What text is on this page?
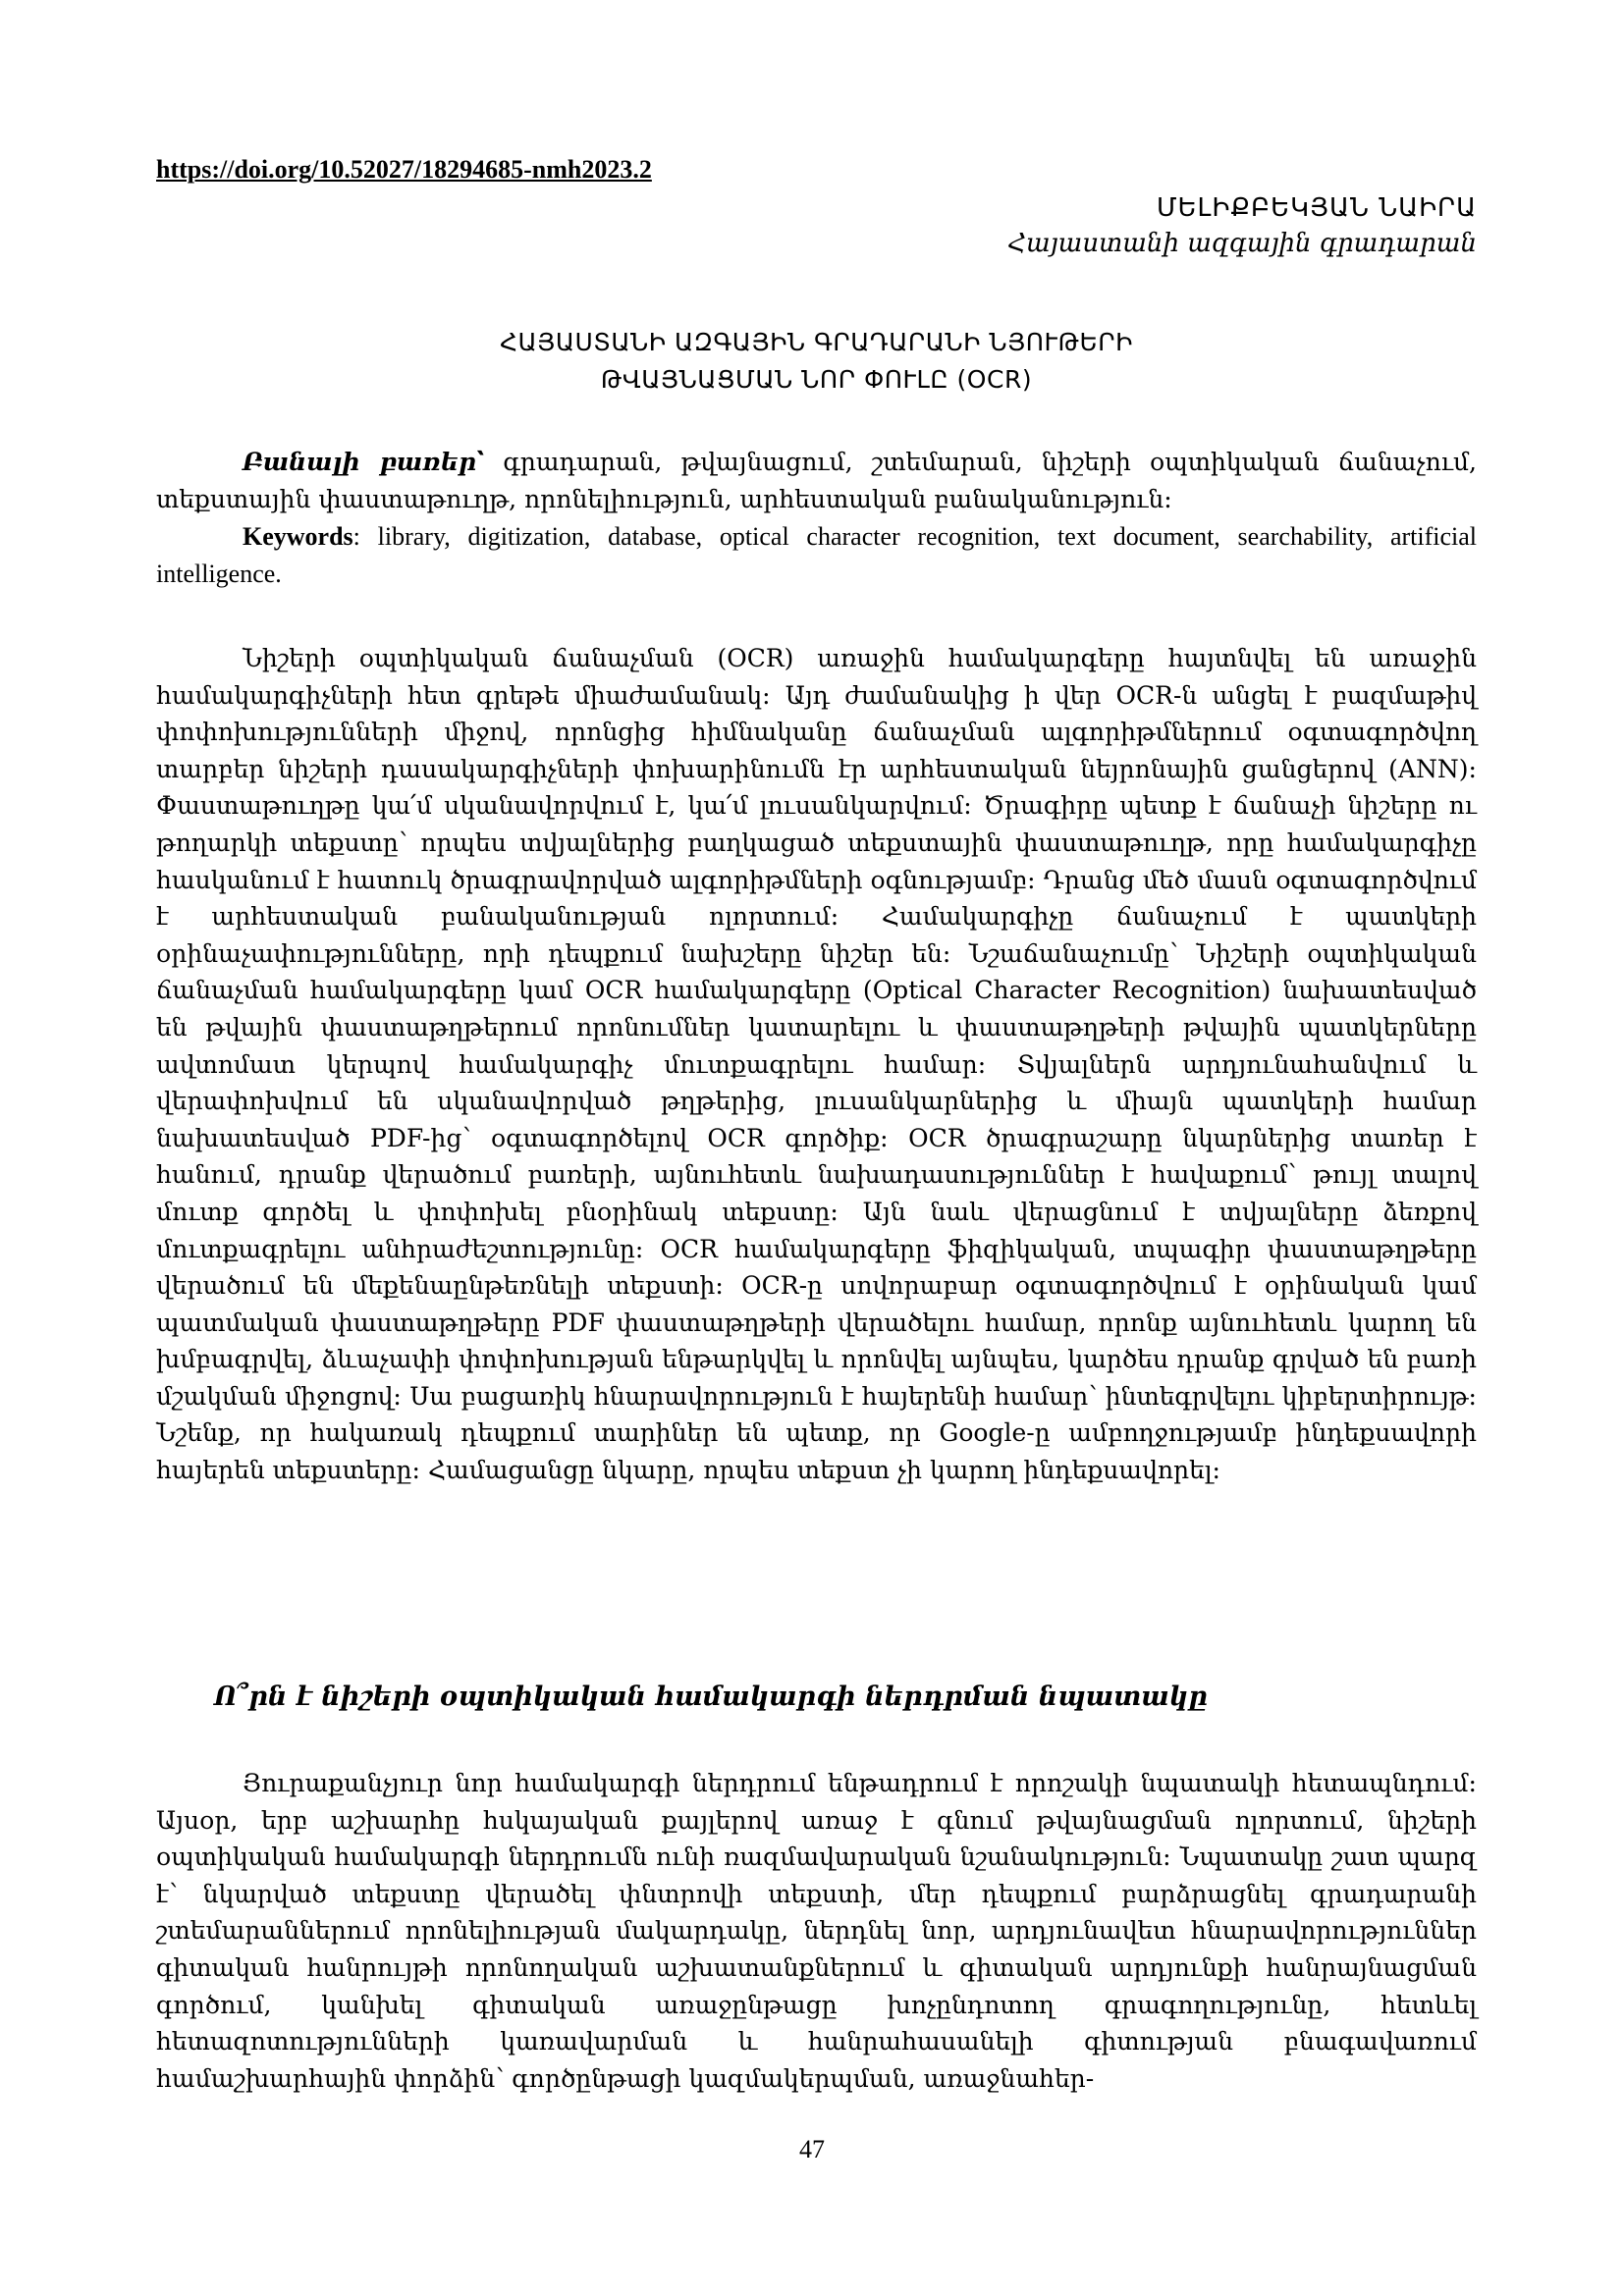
https://doi.org/10.52027/18294685-nmh2023.2
ՄԵԼԻՔԲԵԿՅԱՆ ՆԱԻՐԱ
Հայաստանի ազգային գրադարան
ՀԱՅԱՍՏԱՆԻ ԱԶԳԱՅԻՆ ԳՐԱԴԱՐԱՆԻ ՆՅՈՒԹԵՐԻ
ԹՎԱՅՆԱՑՄԱՆ ՆՈՐ ՓՈՒԼԸ (OCR)
Բանալի բառեր՝ գրադարան, թվայնացում, շտեմարան, նիշերի օպտիկական ճանաչում, տեքստային փաստաթուղթ, որոնելիություն, արհեստական բանականություն։
Keywords: library, digitization, database, optical character recognition, text document, searchability, artificial intelligence.
Նիշերի օպտիկական ճանաչման (OCR) առաջին համակարգերը հայտնվել են առաջին համակարգիչների հետ գրեթե միաժամանակ։ Այդ ժամանակից ի վեր OCR-ն անցել է բազմաթիվ փոփոխությունների միջով, որոնցից հիմնականը ճանաչման ալգորիթմներում օգտագործվող տարբեր նիշերի դասակարգիչների փոխարինումն էր արհեստական նեյրոնային ցանցերով (ANN)։ Փաստաթուղթը կա՛մ սկանավորվում է, կա՛մ լուսանկարվում։ Ծրագիրը պետք է ճանաչի նիշերը ու թողարկի տեքստը՝ որպես տվյալներից բաղկացած տեքստային փաստաթուղթ, որը համակարգիչը հասկանում է հատուկ ծրագրավորված ալգորիթմների օգնությամբ։ Դրանց մեծ մասն օգտագործվում է արհեստական բանականության ոլորտում։ Համակարգիչը ճանաչում է պատկերի օրինաչափությունները, որի դեպքում նախշերը նիշեր են։ Նշաճանաչումը՝ Նիշերի օպտիկական ճանաչման համակարգերը կամ OCR համակարգերը (Optical Character Recognition) նախատեսված են թվային փաստաթղթերում որոնումներ կատարելու և փաստաթղթերի թվային պատկերները ավտոմատ կերպով համակարգիչ մուտքագրելու համար։ Տվյալներն արդյունահանվում և վերափոխվում են սկանավորված թղթերից, լուսանկարներից և միայն պատկերի համար նախատեսված PDF-ից՝ օգտագործելով OCR գործիք։ OCR ծրագրաշարը նկարներից տառեր է հանում, դրանք վերածում բառերի, այնուհետև նախադասություններ է հավաքում՝ թույլ տալով մուտք գործել և փոփոխել բնօրինակ տեքստը։ Այն նաև վերացնում է տվյալները ձեռքով մուտքագրելու անհրաժեշտությունը։ OCR համակարգերը ֆիզիկական, տպագիր փաստաթղթերը վերածում են մեքենաընթեռնելի տեքստի։ OCR-ը սովորաբար օգտագործվում է օրինական կամ պատմական փաստաթղթերը PDF փաստաթղթերի վերածելու համար, որոնք այնուհետև կարող են խմբագրվել, ձևաչափի փոփոխության ենթարկվել և որոնվել այնպես, կարծես դրանք գրված են բառի մշակման միջոցով։ Սա բացառիկ հնարավորություն է հայերենի համար՝ ինտեգրվելու կիբերտիրույթ։ Նշենք, որ հակառակ դեպքում տարիներ են պետք, որ Google-ը ամբողջությամբ ինդեքսավորի հայերեն տեքստերը։ Համացանցը նկարը, որպես տեքստ չի կարող ինդեքսավորել։
Ո՞րն է նիշերի օպտիկական համակարգի ներդրման նպատակը
Յուրաքանչյուր նոր համակարգի ներդրում ենթադրում է որոշակի նպատակի հետապնդում։ Այսօր, երբ աշխարհը հսկայական քայլերով առաջ է գնում թվայնացման ոլորտում, նիշերի օպտիկական համակարգի ներդրումն ունի ռազմավարական նշանակություն։ Նպատակը շատ պարզ է՝ նկարված տեքստը վերածել փնտրովի տեքստի, մեր դեպքում բարձրացնել գրադարանի շտեմարաններում որոնելիության մակարդակը, ներդնել նոր, արդյունավետ հնարավորություններ գիտական հանրույթի որոնողական աշխատանքներում և գիտական արդյունքի հանրայնացման գործում, կանխել գիտական առաջընթացը խոչընդոտող գրագողությունը, հետևել հետազոտությունների կառավարման և հանրահասանելի գիտության բնագավառում համաշխարհային փորձին՝ գործընթացի կազմակերպման, առաջնահեր-
47
